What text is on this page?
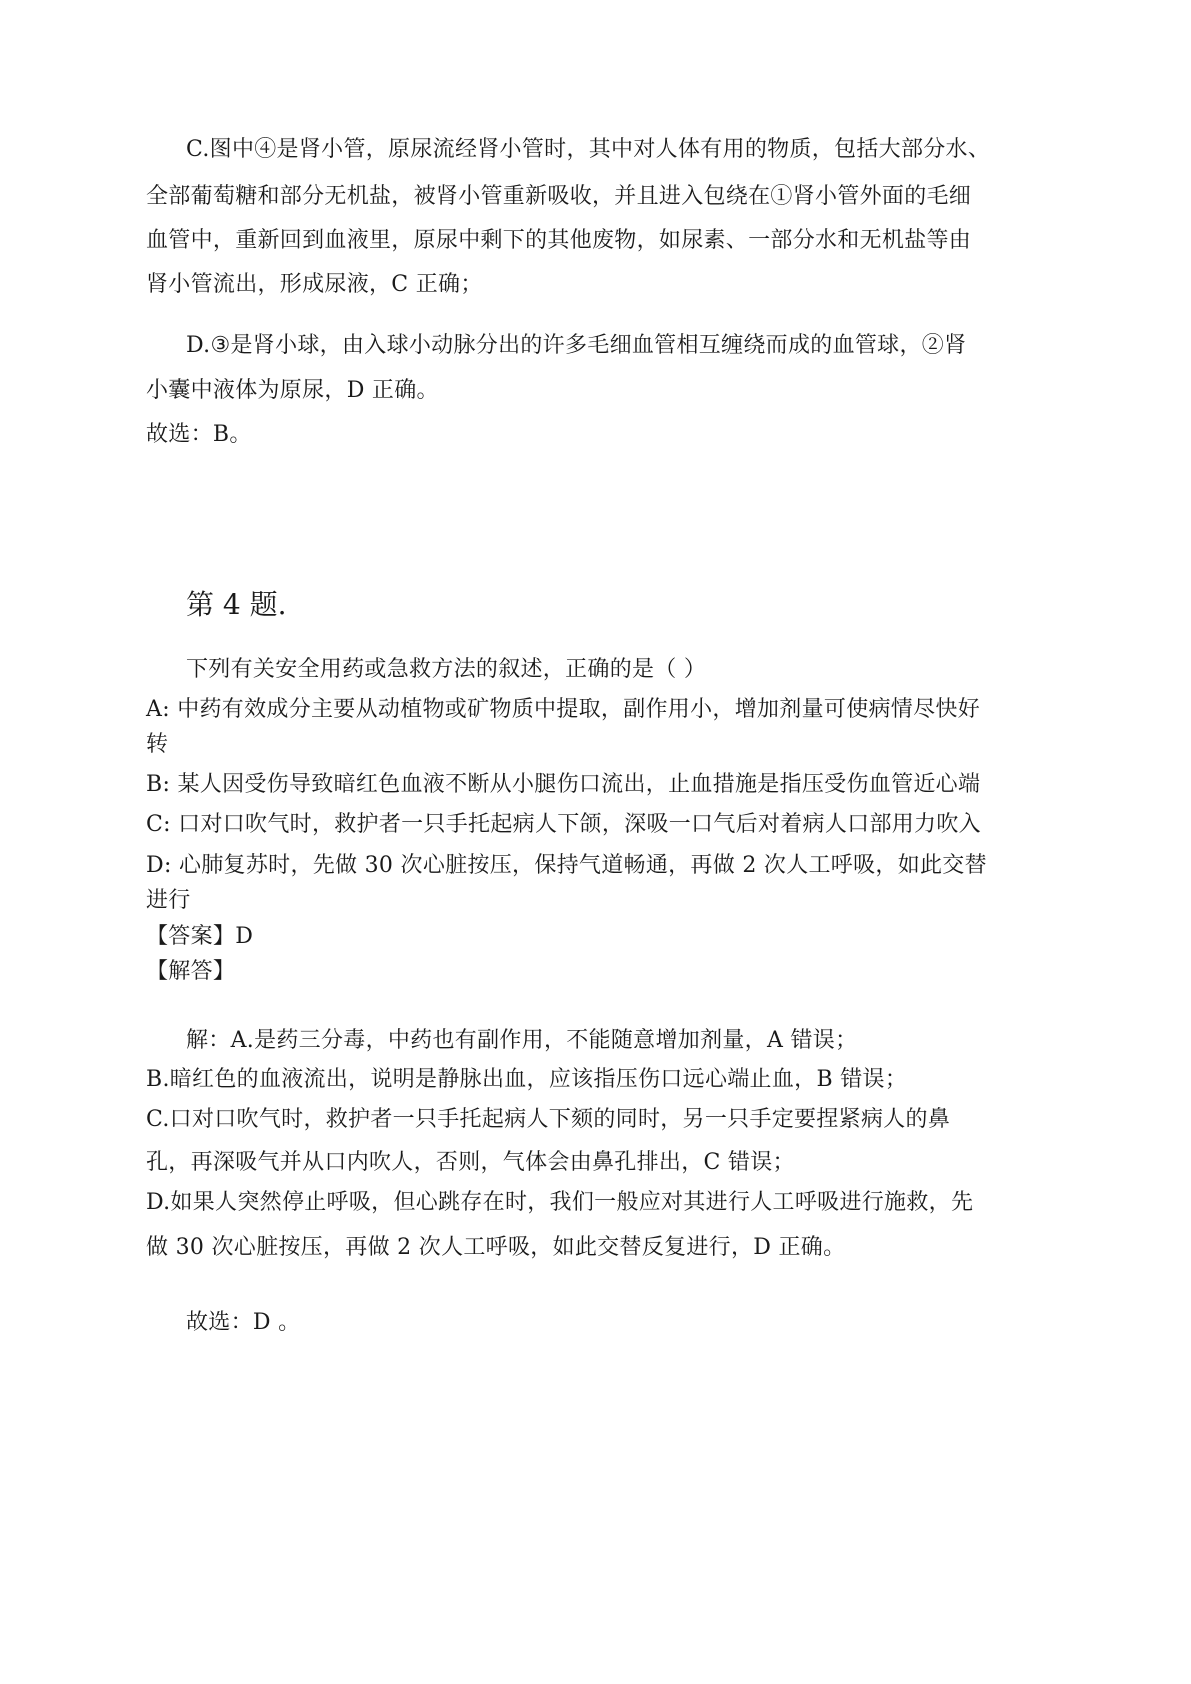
C.图中④是肾小管，原尿流经肾小管时，其中对人体有用的物质，包括大部分水、
全部葡萄糖和部分无机盐，被肾小管重新吸收，并且进入包绕在①肾小管外面的毛细
血管中，重新回到血液里，原尿中剩下的其他废物，如尿素、一部分水和无机盐等由
肾小管流出，形成尿液，C 正确；
D.③是肾小球，由入球小动脉分出的许多毛细血管相互缠绕而成的血管球，②肾
小囊中液体为原尿，D 正确。
故选：B。
第 4 题.
下列有关安全用药或急救方法的叙述，正确的是（ ）
A: 中药有效成分主要从动植物或矿物质中提取，副作用小，增加剂量可使病情尽快好
转
B: 某人因受伤导致暗红色血液不断从小腿伤口流出，止血措施是指压受伤血管近心端
C: 口对口吹气时，救护者一只手托起病人下颌，深吸一口气后对着病人口部用力吹入
D: 心肺复苏时，先做 30 次心脏按压，保持气道畅通，再做 2 次人工呼吸，如此交替
进行
【答案】D
【解答】
解：A.是药三分毒，中药也有副作用，不能随意增加剂量，A 错误；
B.暗红色的血液流出，说明是静脉出血，应该指压伤口远心端止血，B 错误；
C.口对口吹气时，救护者一只手托起病人下颏的同时，另一只手定要捏紧病人的鼻
孔，再深吸气并从口内吹人，否则，气体会由鼻孔排出，C 错误；
D.如果人突然停止呼吸，但心跳存在时，我们一般应对其进行人工呼吸进行施救，先
做 30 次心脏按压，再做 2 次人工呼吸，如此交替反复进行，D 正确。
故选：D 。
